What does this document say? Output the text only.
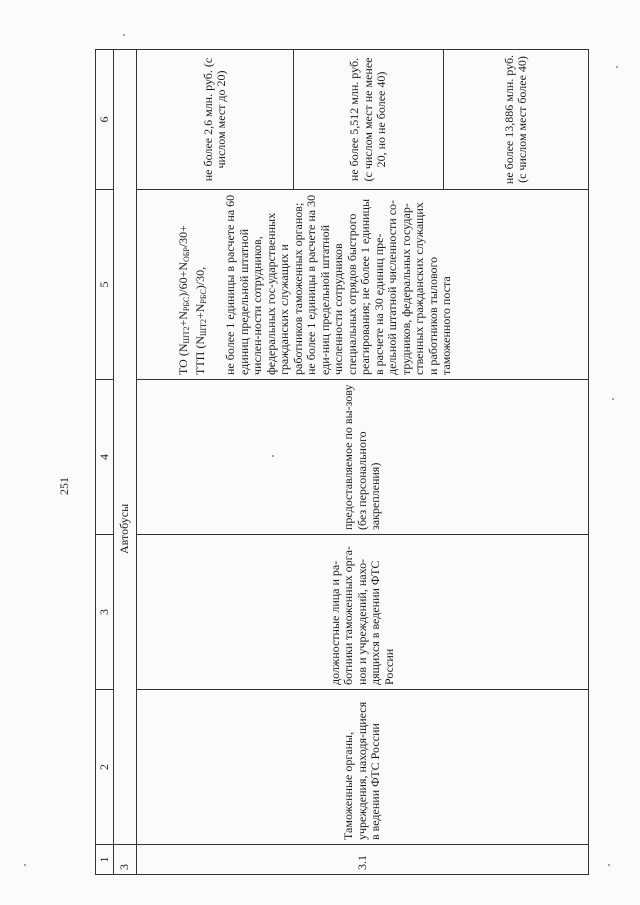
251
1	2	3	4	5	6
3	Автобусы				
3.1	Таможенные органы, учреждения, находя-щиеся в ведении ФТС России	должностные лица и ра-ботники таможенных орга-нов и учреждений, нахо-дящихся в ведении ФТС России	предоставляемое по вы-зову (без персонального закрепления)	ТО $(N_{ШТ2}+N_{РБС})/60+N_{ОБР}/30+$
ТТП $(N_{ШТ2}+N_{РБС})/30$, не более 1 единицы в расчете на 60 единиц предельной штатной числен-ности сотрудников, федеральных гос-ударственных гражданских служащих и работников таможенных органов; не более 1 единицы в расчете на 30 еди-ниц предельной штатной численности сотрудников специальных отрядов быстрого реагирования; не более 1 единицы в расчете на 30 единиц пре-дельной штатной численности со-трудников, федеральных государ-ственных гражданских служащих и работников тылового таможенного поста	не более 2,6 млн. руб. (с числом мест до 20)
					не более 5,512 млн. руб. (с числом мест не менее 20, но не более 40)
					не более 13,886 млн. руб. (с числом мест более 40)
